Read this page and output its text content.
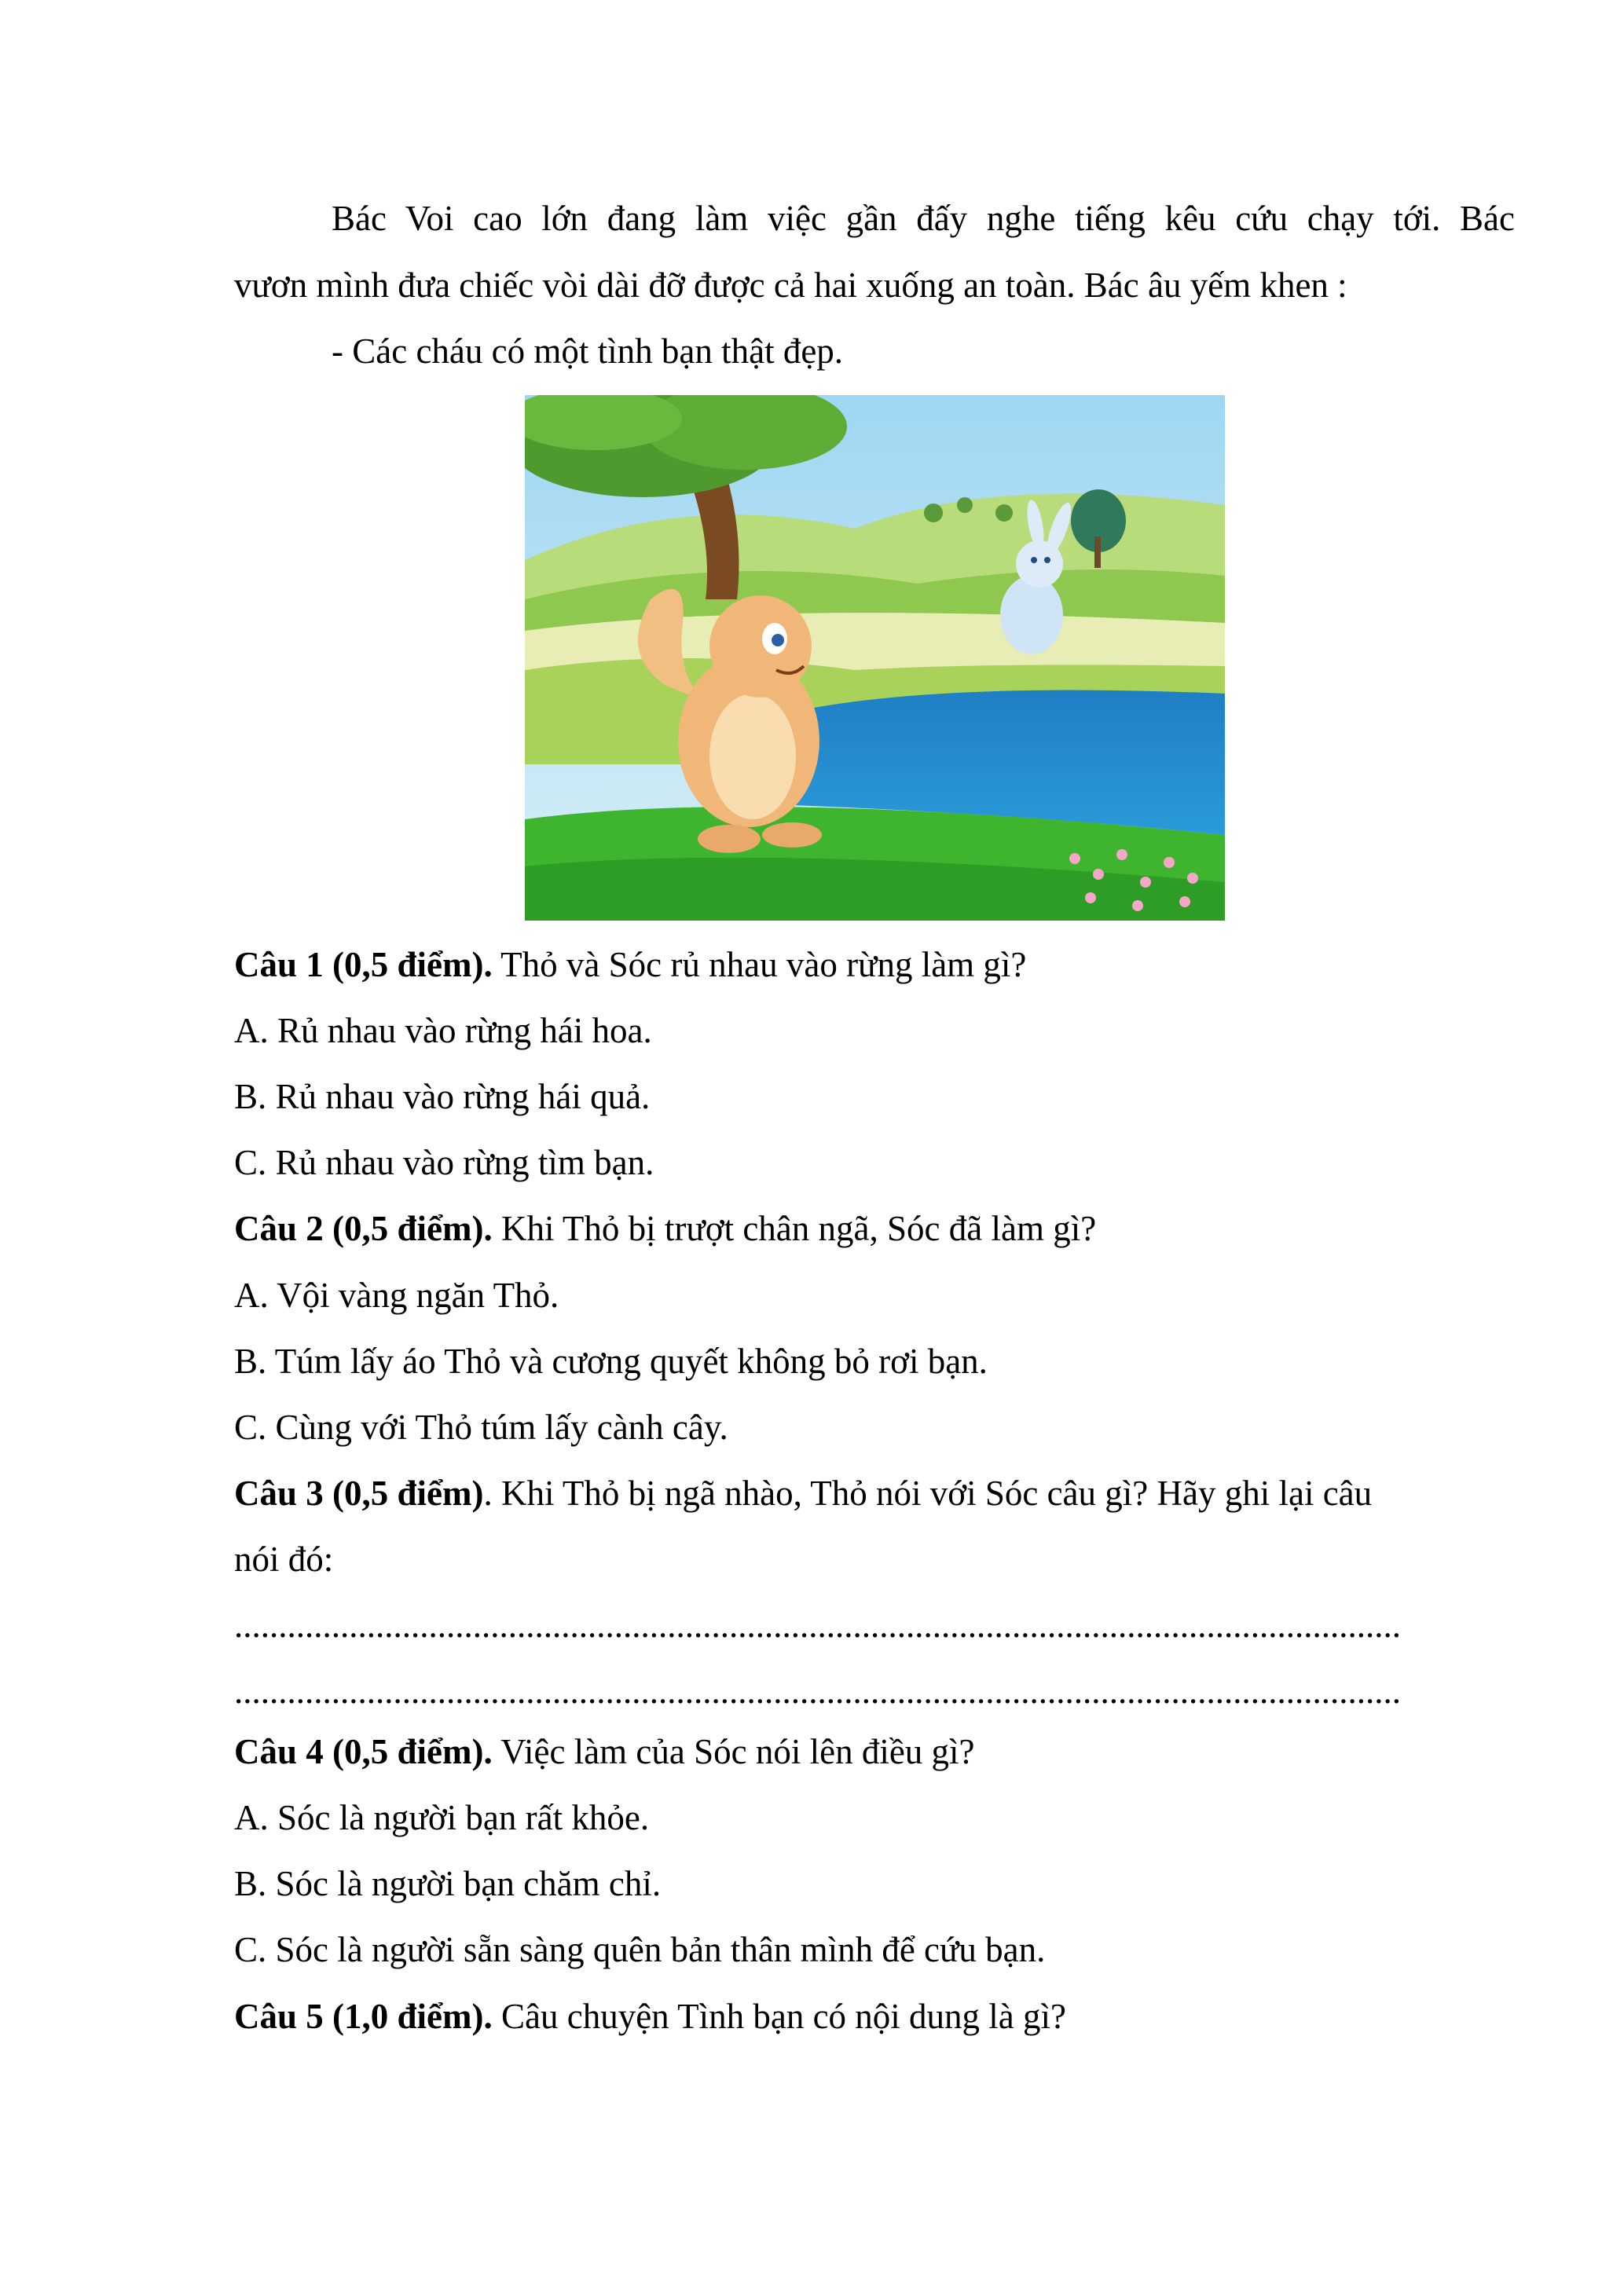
Bác Voi cao lớn đang làm việc gần đấy nghe tiếng kêu cứu chạy tới. Bác
vươn mình đưa chiếc vòi dài đỡ được cả hai xuống an toàn. Bác âu yếm khen :
- Các cháu có một tình bạn thật đẹp.
Câu 1 (0,5 điểm). Thỏ và Sóc rủ nhau vào rừng làm gì?
A. Rủ nhau vào rừng hái hoa.
B. Rủ nhau vào rừng hái quả.
C. Rủ nhau vào rừng tìm bạn.
Câu 2 (0,5 điểm). Khi Thỏ bị trượt chân ngã, Sóc đã làm gì?
A. Vội vàng ngăn Thỏ.
B. Túm lấy áo Thỏ và cương quyết không bỏ rơi bạn.
C. Cùng với Thỏ túm lấy cành cây.
Câu 3 (0,5 điểm). Khi Thỏ bị ngã nhào, Thỏ nói với Sóc câu gì? Hãy ghi lại câu
nói đó:
....................................................................................................................................
....................................................................................................................................
Câu 4 (0,5 điểm). Việc làm của Sóc nói lên điều gì?
A. Sóc là người bạn rất khỏe.
B. Sóc là người bạn chăm chỉ.
C. Sóc là người sẵn sàng quên bản thân mình để cứu bạn.
Câu 5 (1,0 điểm). Câu chuyện Tình bạn có nội dung là gì?
